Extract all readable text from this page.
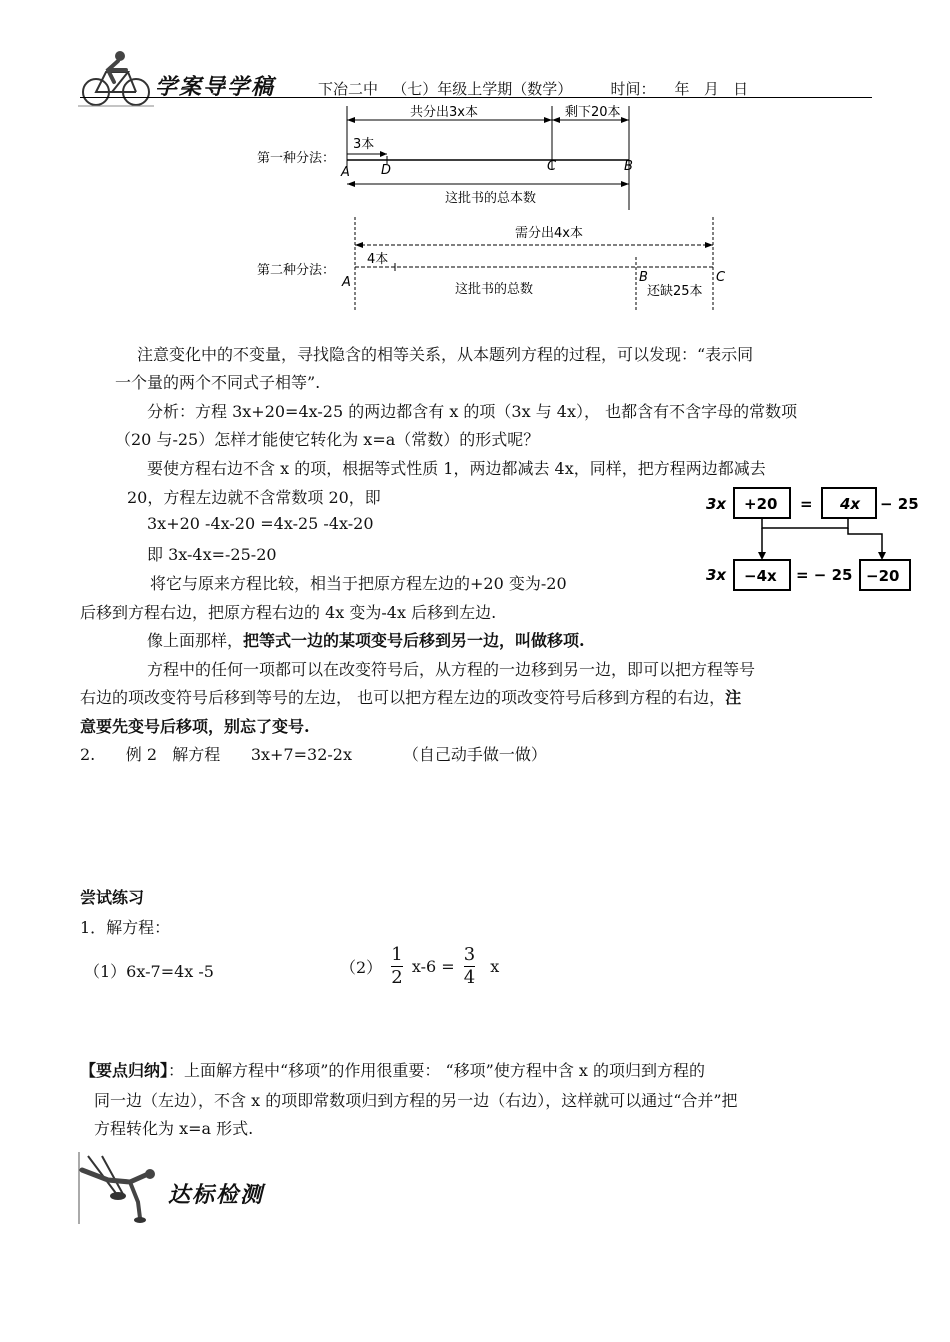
学案导学稿	下冶二中   （七）年级上学期（数学）        时间：    年   月   日
第一种分法：
共分出3x本	剩下20本
3本
A D	C	B
这批书的总本数
第二种分法：
需分出4x本
4本
A	B	C
这批书的总数	还缺25本
3x +20 = 4x − 25
3x −4x = − 25 −20
注意变化中的不变量，寻找隐含的相等关系，从本题列方程的过程，可以发现：“表示同
一个量的两个不同式子相等”.
分析：方程 3x+20=4x-25 的两边都含有 x 的项（3x 与 4x）， 也都含有不含字母的常数项
（20 与-25）怎样才能使它转化为 x=a（常数）的形式呢？
要使方程右边不含 x 的项，根据等式性质 1，两边都减去 4x，同样，把方程两边都减去
20，方程左边就不含常数项 20，即
3x+20 -4x-20 =4x-25 -4x-20
即 3x-4x=-25-20
将它与原来方程比较，相当于把原方程左边的+20 变为-20
后移到方程右边，把原方程右边的 4x 变为-4x 后移到左边.
像上面那样，把等式一边的某项变号后移到另一边，叫做移项.
方程中的任何一项都可以在改变符号后，从方程的一边移到另一边，即可以把方程等号
右边的项改变符号后移到等号的左边， 也可以把方程左边的项改变符号后移到方程的右边，注
意要先变号后移项，别忘了变号.
2.      例 2   解方程      3x+7=32-2x          （自己动手做一做）
尝试练习
1．解方程：
（1）6x-7=4x -5	$(2) \frac{1}{2} x-6 = \frac{3}{4}$ x
【要点归纳】：上面解方程中“移项”的作用很重要： “移项”使方程中含 x 的项归到方程的
同一边（左边），不含 x 的项即常数项归到方程的另一边（右边），这样就可以通过“合并”把
方程转化为 x=a 形式.
达标检测
